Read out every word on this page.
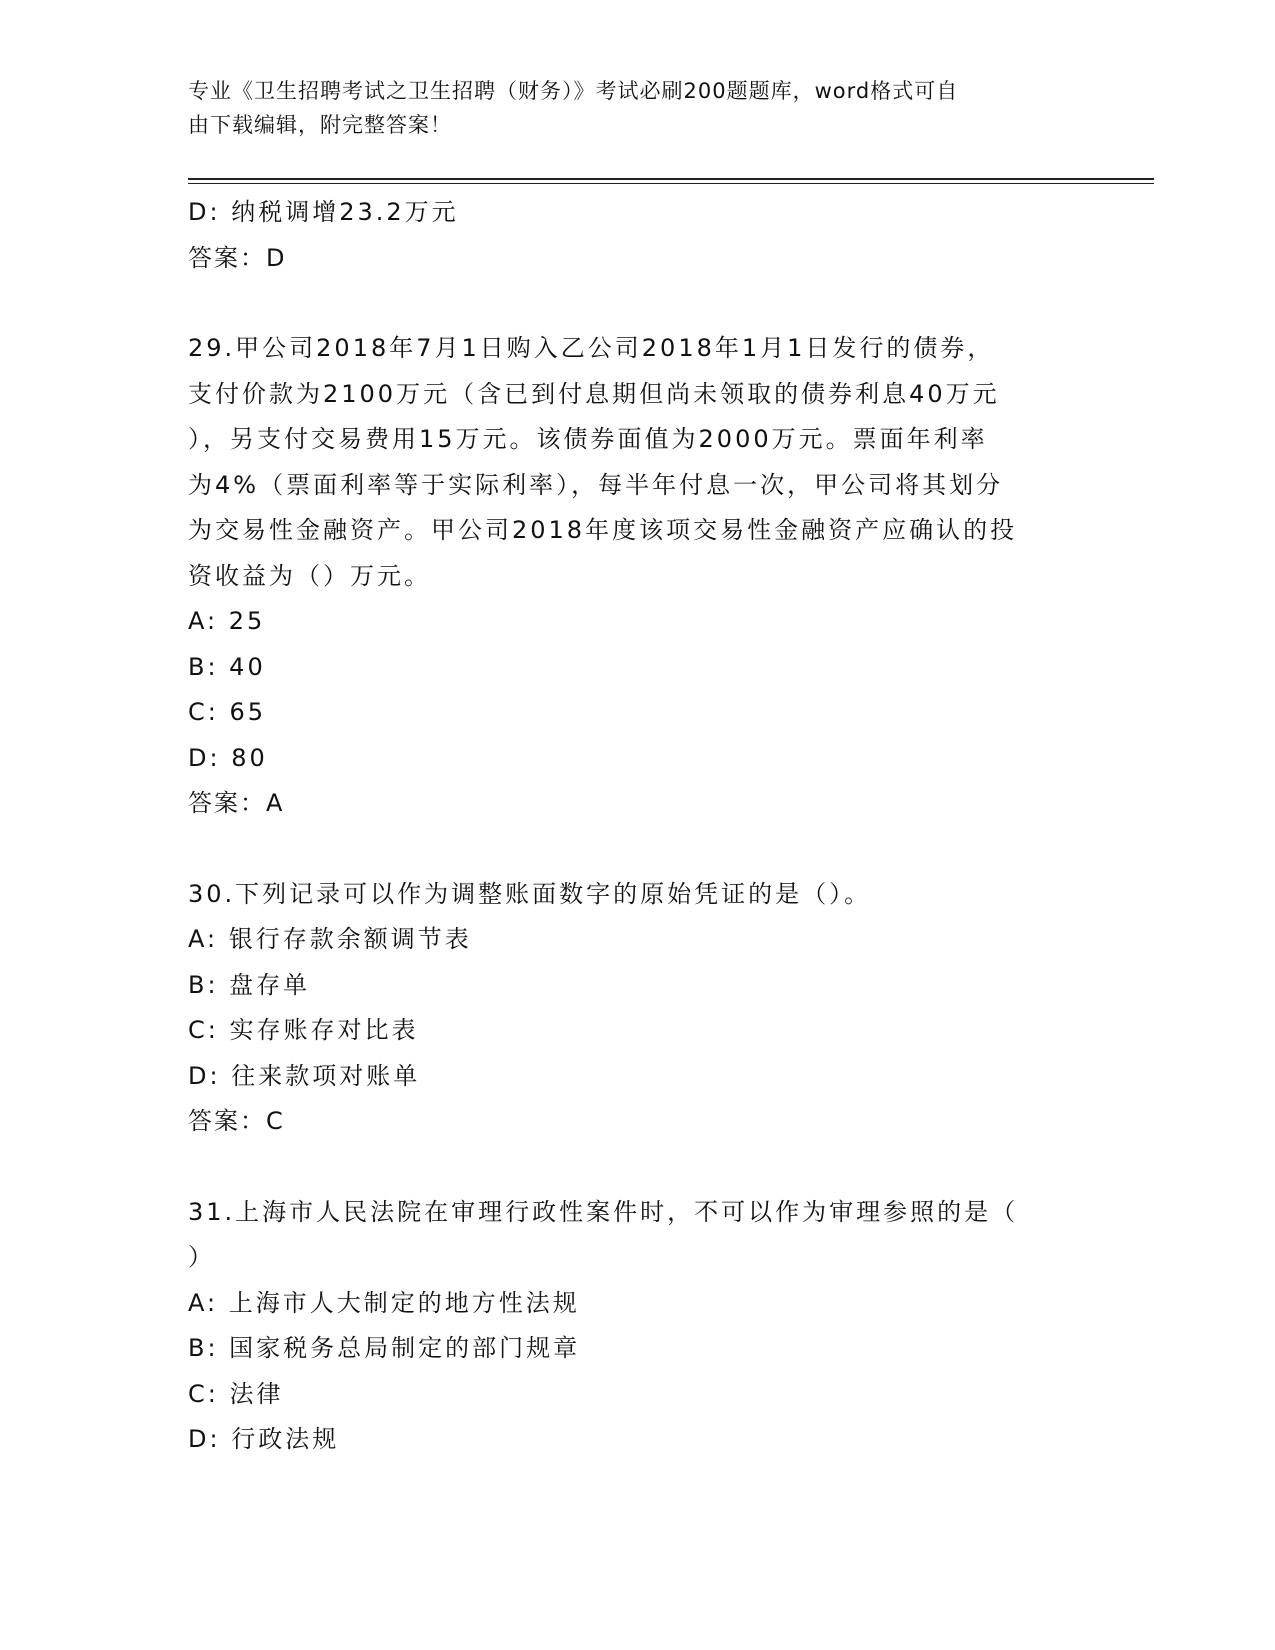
专业《卫生招聘考试之卫生招聘（财务）》考试必刷200题题库，word格式可自
由下载编辑，附完整答案！
D: 纳税调增23.2万元
答案：D
29.甲公司2018年7月1日购入乙公司2018年1月1日发行的债券，
支付价款为2100万元（含已到付息期但尚未领取的债券利息40万元
），另支付交易费用15万元。该债券面值为2000万元。票面年利率
为4%（票面利率等于实际利率），每半年付息一次，甲公司将其划分
为交易性金融资产。甲公司2018年度该项交易性金融资产应确认的投
资收益为（）万元。
A: 25
B: 40
C: 65
D: 80
答案：A
30.下列记录可以作为调整账面数字的原始凭证的是（）。
A: 银行存款余额调节表
B: 盘存单
C: 实存账存对比表
D: 往来款项对账单
答案：C
31.上海市人民法院在审理行政性案件时，不可以作为审理参照的是（
）
A: 上海市人大制定的地方性法规
B: 国家税务总局制定的部门规章
C: 法律
D: 行政法规
